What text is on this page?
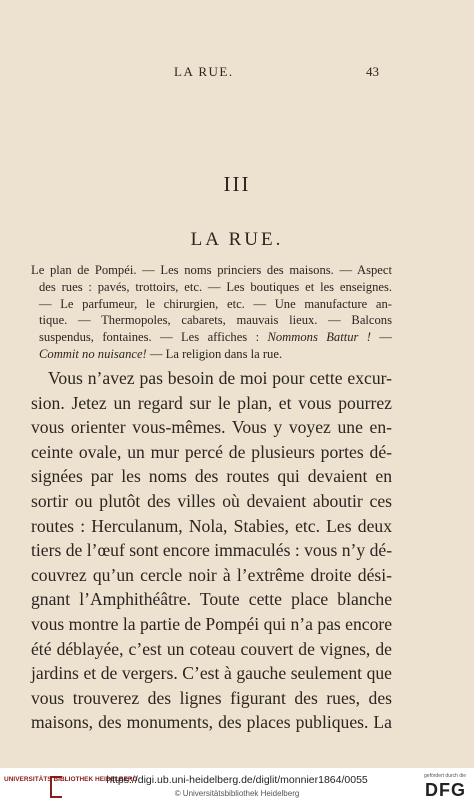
LA RUE.	43
III
LA RUE.
Le plan de Pompéi. — Les noms princiers des maisons. — Aspect
des rues : pavés, trottoirs, etc. — Les boutiques et les enseignes.
— Le parfumeur, le chirurgien, etc. — Une manufacture an-
tique. — Thermopoles, cabarets, mauvais lieux. — Balcons
suspendus, fontaines. — Les affiches : Nommons Battur ! —
Commit no nuisance! — La religion dans la rue.
Vous n’avez pas besoin de moi pour cette excur-
sion. Jetez un regard sur le plan, et vous pourrez
vous orienter vous-mêmes. Vous y voyez une en-
ceinte ovale, un mur percé de plusieurs portes dé-
signées par les noms des routes qui devaient en
sortir ou plutôt des villes où devaient aboutir ces
routes : Herculanum, Nola, Stabies, etc. Les deux
tiers de l’œuf sont encore immaculés : vous n’y dé-
couvrez qu’un cercle noir à l’extrême droite dési-
gnant l’Amphithéâtre. Toute cette place blanche
vous montre la partie de Pompéi qui n’a pas encore
été déblayée, c’est un coteau couvert de vignes, de
jardins et de vergers. C’est à gauche seulement que
vous trouverez des lignes figurant des rues, des
maisons, des monuments, des places publiques. La
UNIVERSITÄTS BIBLIOTHEK HEIDELBERG
https://digi.ub.uni-heidelberg.de/diglit/monnier1864/0055
© Universitätsbibliothek Heidelberg
gefördert durch die
DFG
